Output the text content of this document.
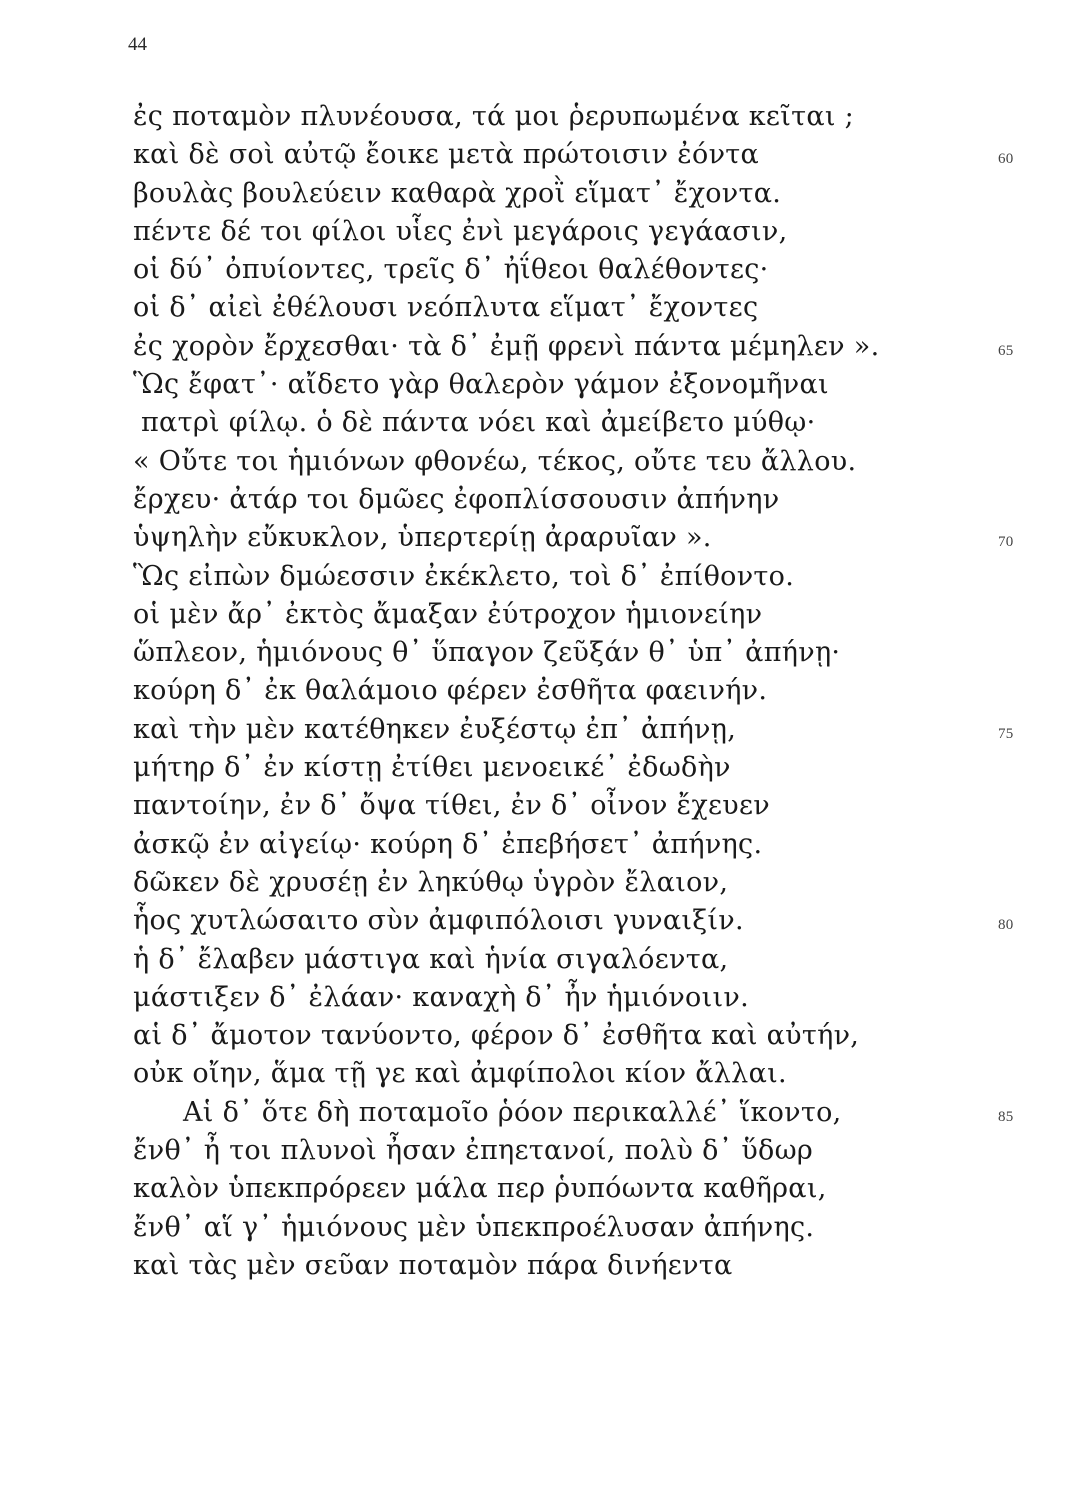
44
ἐς ποταμὸν πλυνέουσα, τά μοι ῥερυπωμένα κεῖται ;
καὶ δὲ σοὶ αὐτῷ ἔοικε μετὰ πρώτοισιν ἐόντα	60
βουλὰς βουλεύειν καθαρὰ χροῒ εἵματ᾽ ἔχοντα.
πέντε δέ τοι φίλοι υἷες ἐνὶ μεγάροις γεγάασιν,
οἱ δύ᾽ ὀπυίοντες, τρεῖς δ᾽ ἠΐθεοι θαλέθοντες·
οἱ δ᾽ αἰεὶ ἐθέλουσι νεόπλυτα εἵματ᾽ ἔχοντες
ἐς χορὸν ἔρχεσθαι· τὰ δ᾽ ἐμῇ φρενὶ πάντα μέμηλεν ».	65
Ὣς ἔφατ᾽· αἴδετο γὰρ θαλερὸν γάμον ἐξονομῆναι
πατρὶ φίλῳ. ὁ δὲ πάντα νόει καὶ ἀμείβετο μύθῳ·
« Οὔτε τοι ἡμιόνων φθονέω, τέκος, οὔτε τευ ἄλλου.
ἔρχευ· ἀτάρ τοι δμῶες ἐφοπλίσσουσιν ἀπήνην
ὑψηλὴν εὔκυκλον, ὑπερτερίῃ ἀραρυῖαν ».	70
Ὣς εἰπὼν δμώεσσιν ἐκέκλετο, τοὶ δ᾽ ἐπίθοντο.
οἱ μὲν ἄρ᾽ ἐκτὸς ἄμαξαν ἐύτροχον ἡμιονείην
ὥπλεον, ἡμιόνους θ᾽ ὕπαγον ζεῦξάν θ᾽ ὑπ᾽ ἀπήνῃ·
κούρη δ᾽ ἐκ θαλάμοιο φέρεν ἐσθῆτα φαεινήν.
καὶ τὴν μὲν κατέθηκεν ἐυξέστῳ ἐπ᾽ ἀπήνῃ,	75
μήτηρ δ᾽ ἐν κίστῃ ἐτίθει μενοεικέ᾽ ἐδωδὴν
παντοίην, ἐν δ᾽ ὄψα τίθει, ἐν δ᾽ οἶνον ἔχευεν
ἀσκῷ ἐν αἰγείῳ· κούρη δ᾽ ἐπεβήσετ᾽ ἀπήνης.
δῶκεν δὲ χρυσέῃ ἐν ληκύθῳ ὑγρὸν ἔλαιον,
ἧος χυτλώσαιτο σὺν ἀμφιπόλοισι γυναιξίν.	80
ἡ δ᾽ ἔλαβεν μάστιγα καὶ ἡνία σιγαλόεντα,
μάστιξεν δ᾽ ἐλάαν· καναχὴ δ᾽ ἦν ἡμιόνοιιν.
αἱ δ᾽ ἄμοτον τανύοντο, φέρον δ᾽ ἐσθῆτα καὶ αὐτήν,
οὐκ οἴην, ἅμα τῇ γε καὶ ἀμφίπολοι κίον ἄλλαι.
Αἱ δ᾽ ὅτε δὴ ποταμοῖο ῥόον περικαλλέ᾽ ἵκοντο,	85
ἔνθ᾽ ἦ τοι πλυνοὶ ἦσαν ἐπηετανοί, πολὺ δ᾽ ὕδωρ
καλὸν ὑπεκπρόρεεν μάλα περ ῥυπόωντα καθῆραι,
ἔνθ᾽ αἵ γ᾽ ἡμιόνους μὲν ὑπεκπροέλυσαν ἀπήνης.
καὶ τὰς μὲν σεῦαν ποταμὸν πάρα δινήεντα
